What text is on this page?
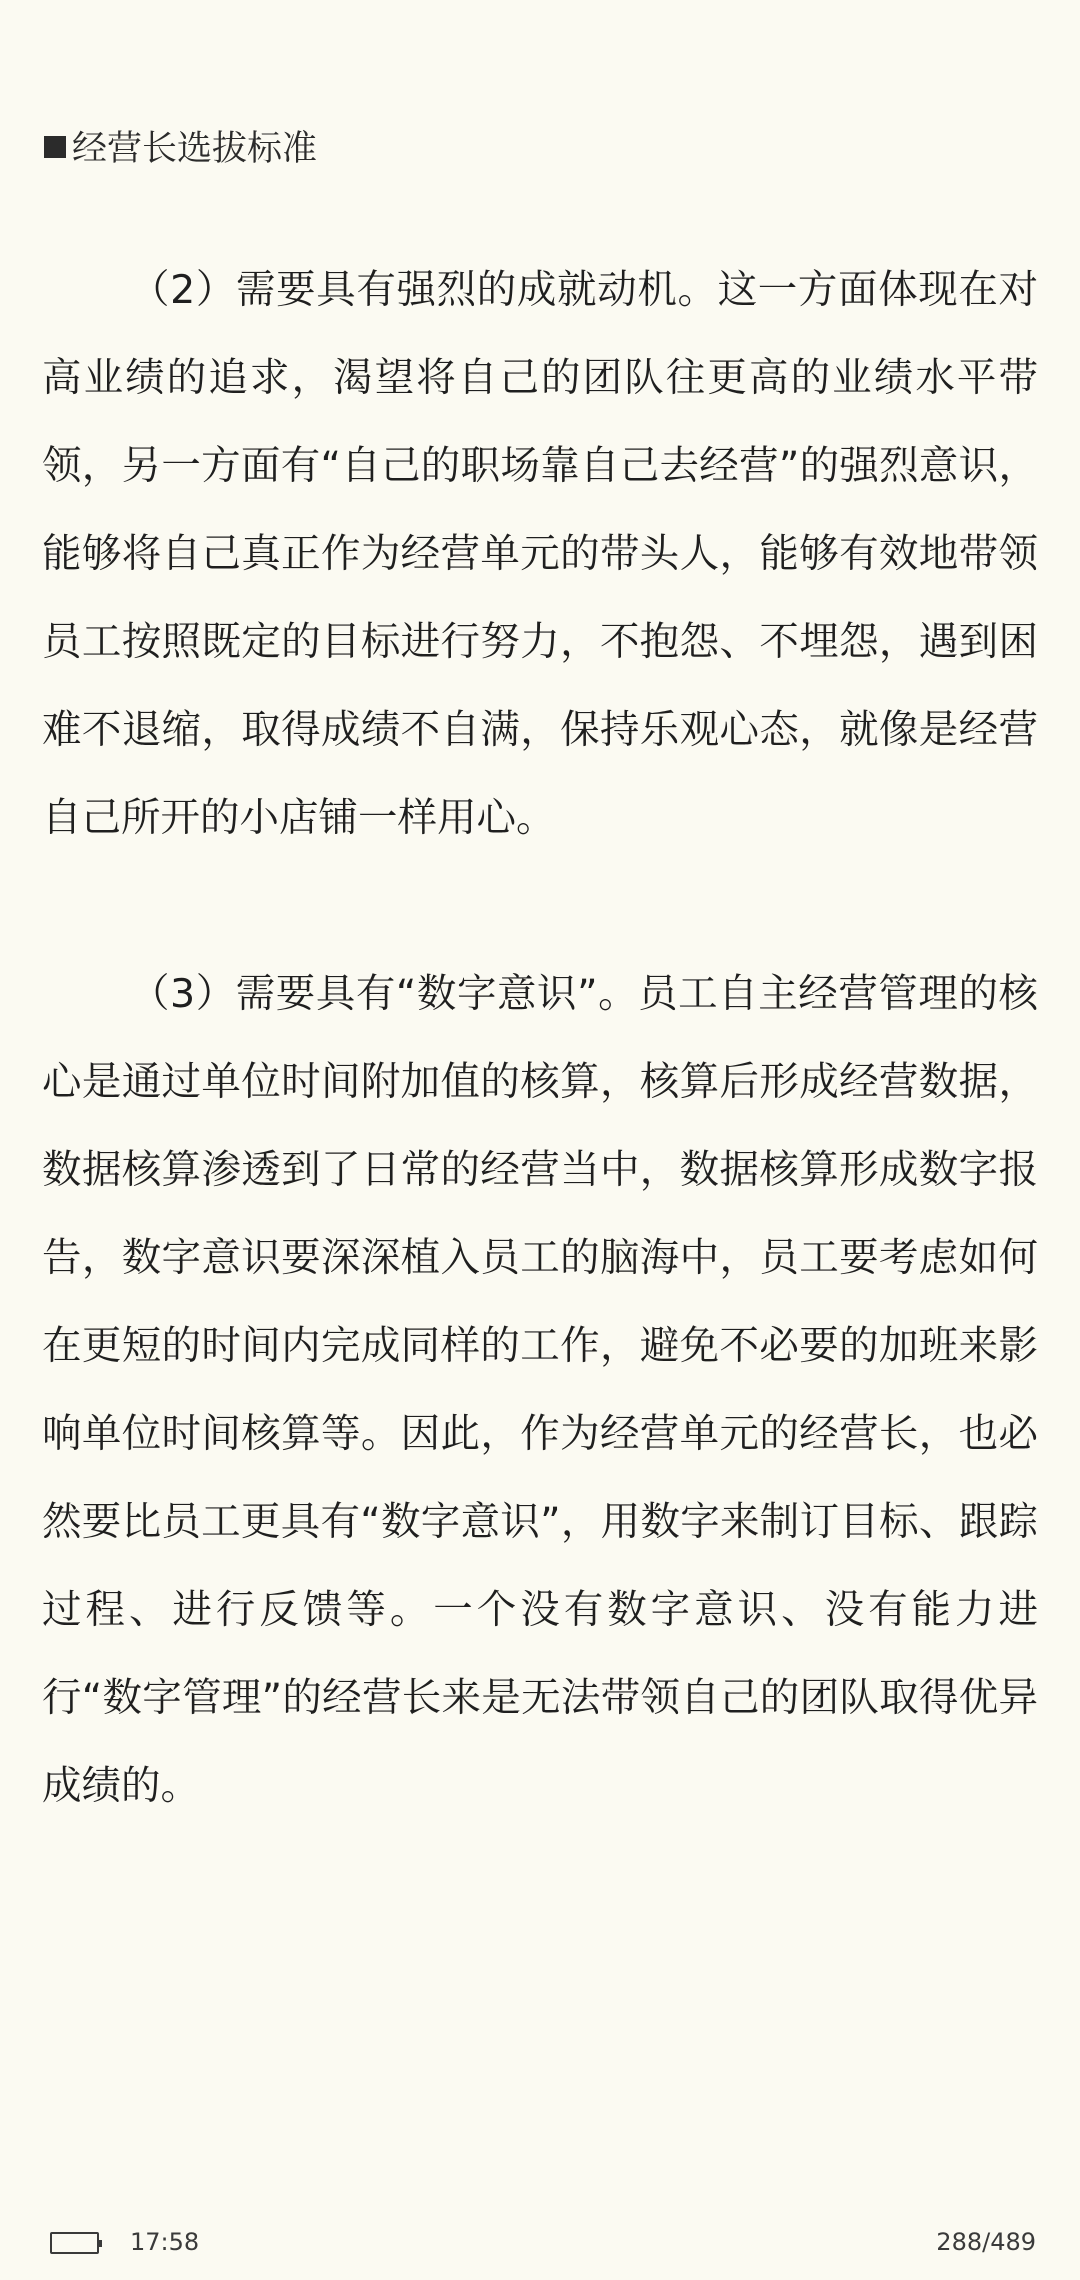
经营长选拔标准

（2）需要具有强烈的成就动机。这一方面体现在对高业绩的追求，渴望将自己的团队往更高的业绩水平带领，另一方面有“自己的职场靠自己去经营”的强烈意识，能够将自己真正作为经营单元的带头人，能够有效地带领员工按照既定的目标进行努力，不抱怨、不埋怨，遇到困难不退缩，取得成绩不自满，保持乐观心态，就像是经营自己所开的小店铺一样用心。

（3）需要具有“数字意识”。员工自主经营管理的核心是通过单位时间附加值的核算，核算后形成经营数据，数据核算渗透到了日常的经营当中，数据核算形成数字报告，数字意识要深深植入员工的脑海中，员工要考虑如何在更短的时间内完成同样的工作，避免不必要的加班来影响单位时间核算等。因此，作为经营单元的经营长，也必然要比员工更具有“数字意识”，用数字来制订目标、跟踪过程、进行反馈等。一个没有数字意识、没有能力进行“数字管理”的经营长来是无法带领自己的团队取得优异成绩的。

17:58	288/489
